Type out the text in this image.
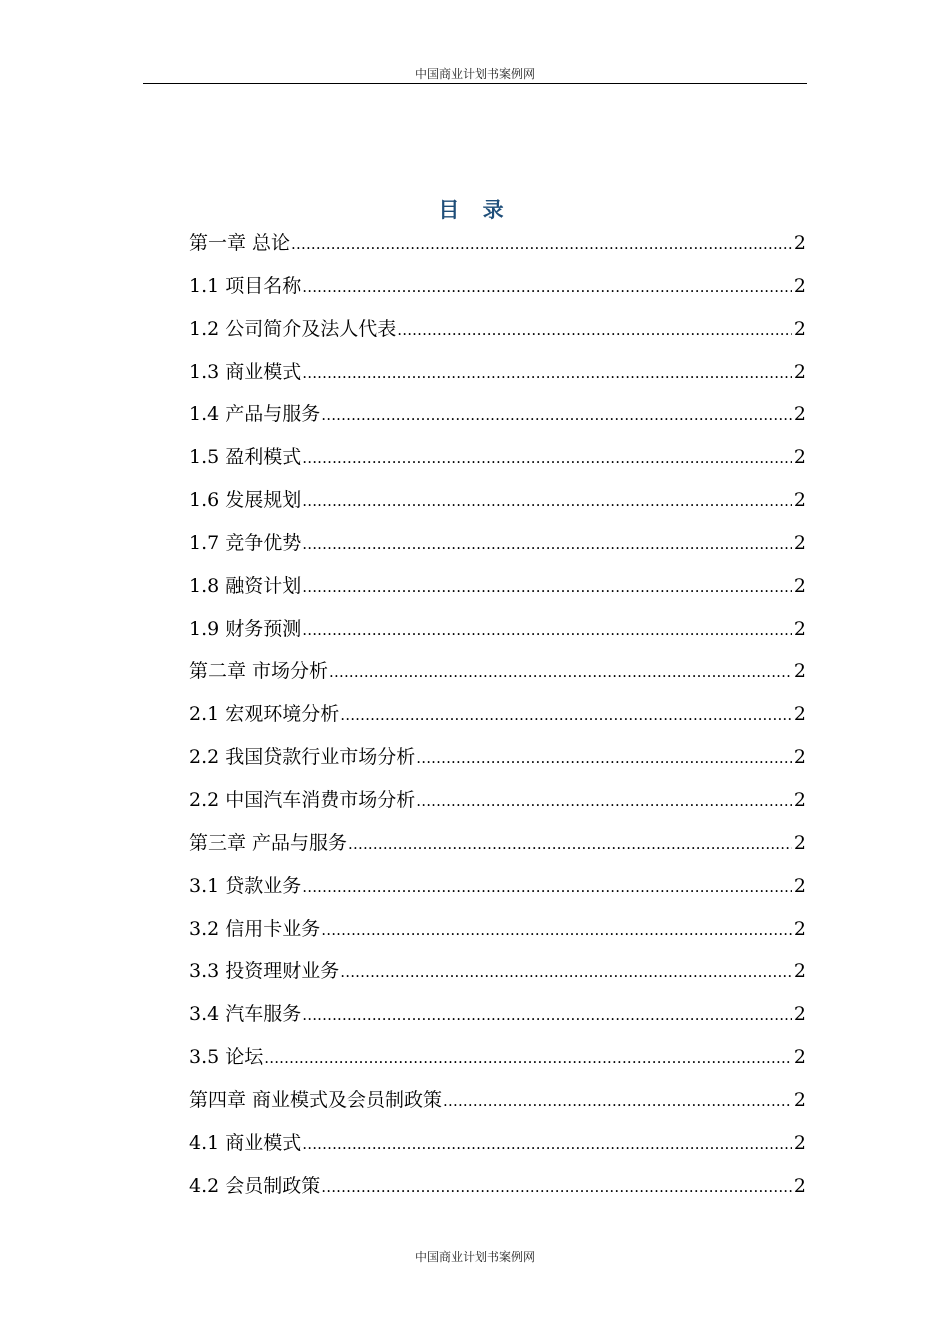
中国商业计划书案例网
目 录
第一章 总论 .....	2
1.1 项目名称 .....	2
1.2 公司简介及法人代表 .....	2
1.3 商业模式 .....	2
1.4 产品与服务 .....	2
1.5 盈利模式 .....	2
1.6 发展规划 .....	2
1.7 竞争优势 .....	2
1.8 融资计划 .....	2
1.9 财务预测 .....	2
第二章 市场分析 .....	2
2.1 宏观环境分析 .....	2
2.2 我国贷款行业市场分析 .....	2
2.2 中国汽车消费市场分析 .....	2
第三章 产品与服务 .....	2
3.1 贷款业务 .....	2
3.2 信用卡业务 .....	2
3.3 投资理财业务 .....	2
3.4 汽车服务 .....	2
3.5 论坛 .....	2
第四章 商业模式及会员制政策 .....	2
4.1 商业模式 .....	2
4.2 会员制政策 .....	2
中国商业计划书案例网
